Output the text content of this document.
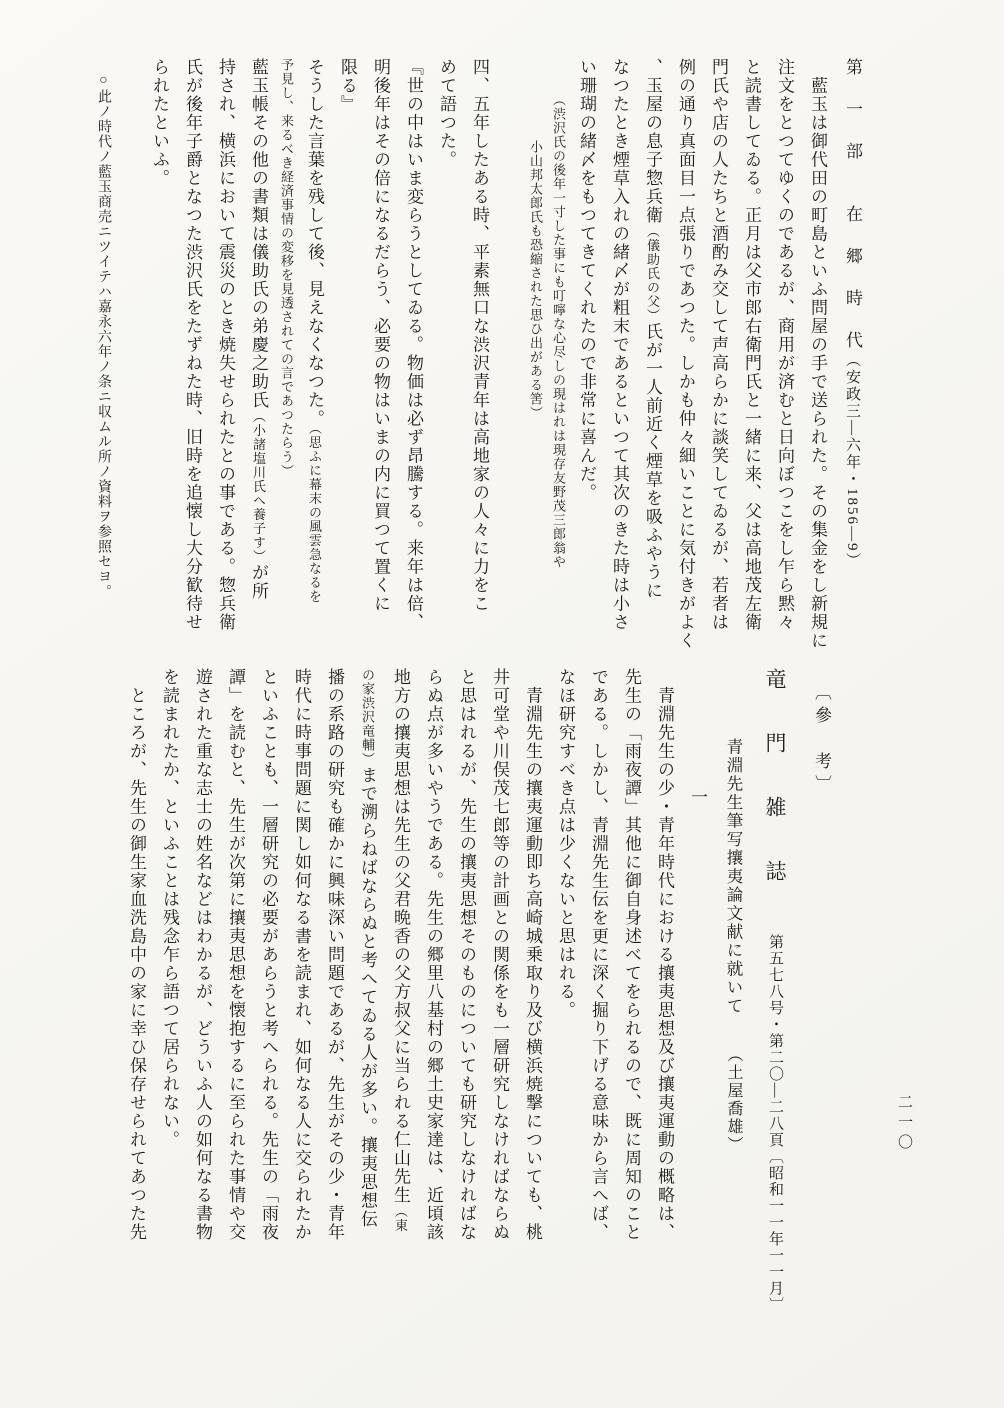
第　一　部　　在　郷　時　代（安政三—六年・1856—9）
　藍玉は御代田の町島といふ問屋の手で送られた。その集金をし新規に
注文をとつてゆくのであるが、商用が済むと日向ぼつこをし乍ら黙々
と読書してゐる。正月は父市郎右衛門氏と一緒に来、父は高地茂左衛
門氏や店の人たちと酒酌み交して声高らかに談笑してゐるが、若者は
例の通り真面目一点張りであつた。しかも仲々細いことに気付きがよく
、玉屋の息子惣兵衛（儀助氏の父）氏が一人前近く煙草を吸ふやうに
なつたとき煙草入れの緒〆が粗末であるといつて其次のきた時は小さ
い珊瑚の緒〆をもつてきてくれたので非常に喜んだ。
（渋沢氏の後年一寸した事にも叮嚀な心尽しの現はれは現存友野茂三郎翁や
小山邦太郎氏も恐縮された思ひ出がある筈）
四、五年したある時、平素無口な渋沢青年は高地家の人々に力をこ
めて語つた。
『世の中はいま変らうとしてゐる。物価は必ず昂騰する。来年は倍、
明後年はその倍になるだらう、必要の物はいまの内に買つて置くに
限る』
そうした言葉を残して後、見えなくなつた。（思ふに幕末の風雲急なるを
予見し、来るべき経済事情の変移を見透されての言であつたらう）
藍玉帳その他の書類は儀助氏の弟慶之助氏（小諸塩川氏へ養子す）が所
持され、横浜において震災のとき焼失せられたとの事である。惣兵衛
氏が後年子爵となつた渋沢氏をたずねた時、旧時を追懐し大分歓待せ
られたといふ。
○此ノ時代ノ藍玉商売ニツイテハ嘉永六年ノ条ニ収ムル所ノ資料ヲ参照セヨ。
〔參　考〕
竜　門　雑　誌第五七八号・第二〇—二八頁〔昭和一一年一一月〕
青淵先生筆写攘夷論文献に就いて（土屋喬雄）
一
　青淵先生の少・青年時代における攘夷思想及び攘夷運動の概略は、
先生の「雨夜譚」其他に御自身述べてをられるので、既に周知のこと
である。しかし、青淵先生伝を更に深く掘り下げる意味から言へば、
なほ研究すべき点は少くないと思はれる。
　青淵先生の攘夷運動即ち高崎城乗取り及び横浜焼撃についても、桃
井可堂や川俣茂七郎等の計画との関係をも一層研究しなければならぬ
と思はれるが、先生の攘夷思想そのものについても研究しなければな
らぬ点が多いやうである。先生の郷里八基村の郷土史家達は、近頃該
地方の攘夷思想は先生の父君晩香の父方叔父に当られる仁山先生（東
の家渋沢竜輔）まで溯らねばならぬと考へてゐる人が多い。攘夷思想伝
播の系路の研究も確かに興味深い問題であるが、先生がその少・青年
時代に時事問題に関し如何なる書を読まれ、如何なる人に交られたか
といふことも、一層研究の必要があらうと考へられる。先生の「雨夜
譚」を読むと、先生が次第に攘夷思想を懐抱するに至られた事情や交
遊された重な志士の姓名などはわかるが、どういふ人の如何なる書物
を読まれたか、といふことは残念乍ら語つて居られない。
　ところが、先生の御生家血洗島中の家に幸ひ保存せられてあつた先	二一〇
